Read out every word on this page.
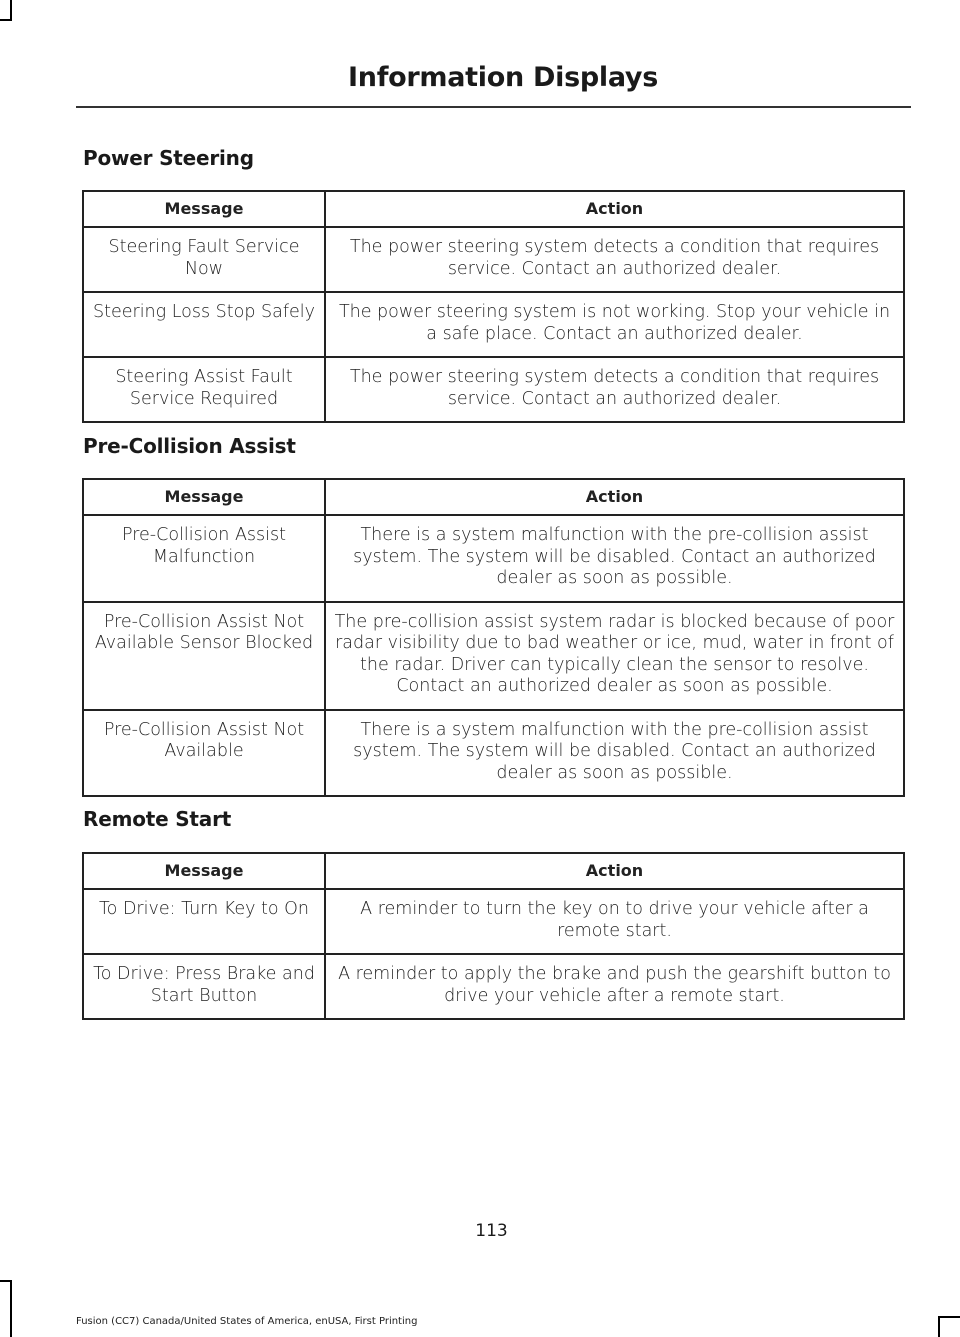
Information Displays
Power Steering
Message	Action
Steering Fault Service Now	The power steering system detects a condition that requires service. Contact an authorized dealer.
Steering Loss Stop Safely	The power steering system is not working. Stop your vehicle in a safe place. Contact an authorized dealer.
Steering Assist Fault Service Required	The power steering system detects a condition that requires service. Contact an authorized dealer.
Pre-Collision Assist
Message	Action
Pre-Collision Assist Malfunction	There is a system malfunction with the pre-collision assist system. The system will be disabled. Contact an authorized dealer as soon as possible.
Pre-Collision Assist Not Available Sensor Blocked	The pre-collision assist system radar is blocked because of poor radar visibility due to bad weather or ice, mud, water in front of the radar. Driver can typically clean the sensor to resolve. Contact an authorized dealer as soon as possible.
Pre-Collision Assist Not Available	There is a system malfunction with the pre-collision assist system. The system will be disabled. Contact an authorized dealer as soon as possible.
Remote Start
Message	Action
To Drive: Turn Key to On	A reminder to turn the key on to drive your vehicle after a remote start.
To Drive: Press Brake and Start Button	A reminder to apply the brake and push the gearshift button to drive your vehicle after a remote start.
113
Fusion (CC7) Canada/United States of America, enUSA, First Printing
